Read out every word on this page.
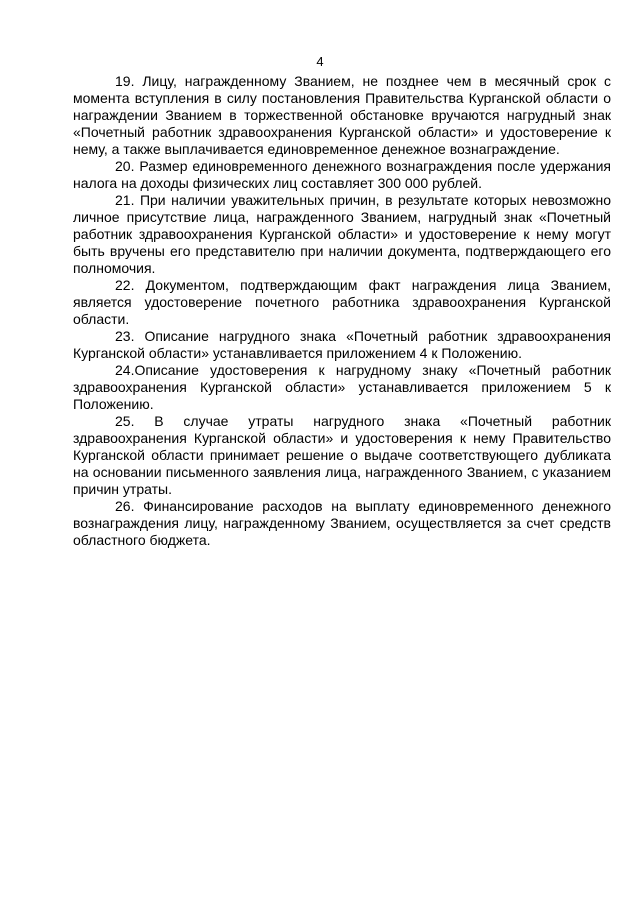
4

19. Лицу, награжденному Званием, не позднее чем в месячный срок с момента вступления в силу постановления Правительства Курганской области о награждении Званием в торжественной обстановке вручаются нагрудный знак «Почетный работник здравоохранения Курганской области» и удостоверение к нему, а также выплачивается единовременное денежное вознаграждение.

20. Размер единовременного денежного вознаграждения после удержания налога на доходы физических лиц составляет 300 000 рублей.

21. При наличии уважительных причин, в результате которых невозможно личное присутствие лица, награжденного Званием, нагрудный знак «Почетный работник здравоохранения Курганской области» и удостоверение к нему могут быть вручены его представителю при наличии документа, подтверждающего его полномочия.

22. Документом, подтверждающим факт награждения лица Званием, является удостоверение почетного работника здравоохранения Курганской области.

23. Описание нагрудного знака «Почетный работник здравоохранения Курганской области» устанавливается приложением 4 к Положению.

24.Описание удостоверения к нагрудному знаку «Почетный работник здравоохранения Курганской области» устанавливается приложением 5 к Положению.

25. В случае утраты нагрудного знака «Почетный работник здравоохранения Курганской области» и удостоверения к нему Правительство Курганской области принимает решение о выдаче соответствующего дубликата на основании письменного заявления лица, награжденного Званием, с указанием причин утраты.

26. Финансирование расходов на выплату единовременного денежного вознаграждения лицу, награжденному Званием, осуществляется за счет средств областного бюджета.
